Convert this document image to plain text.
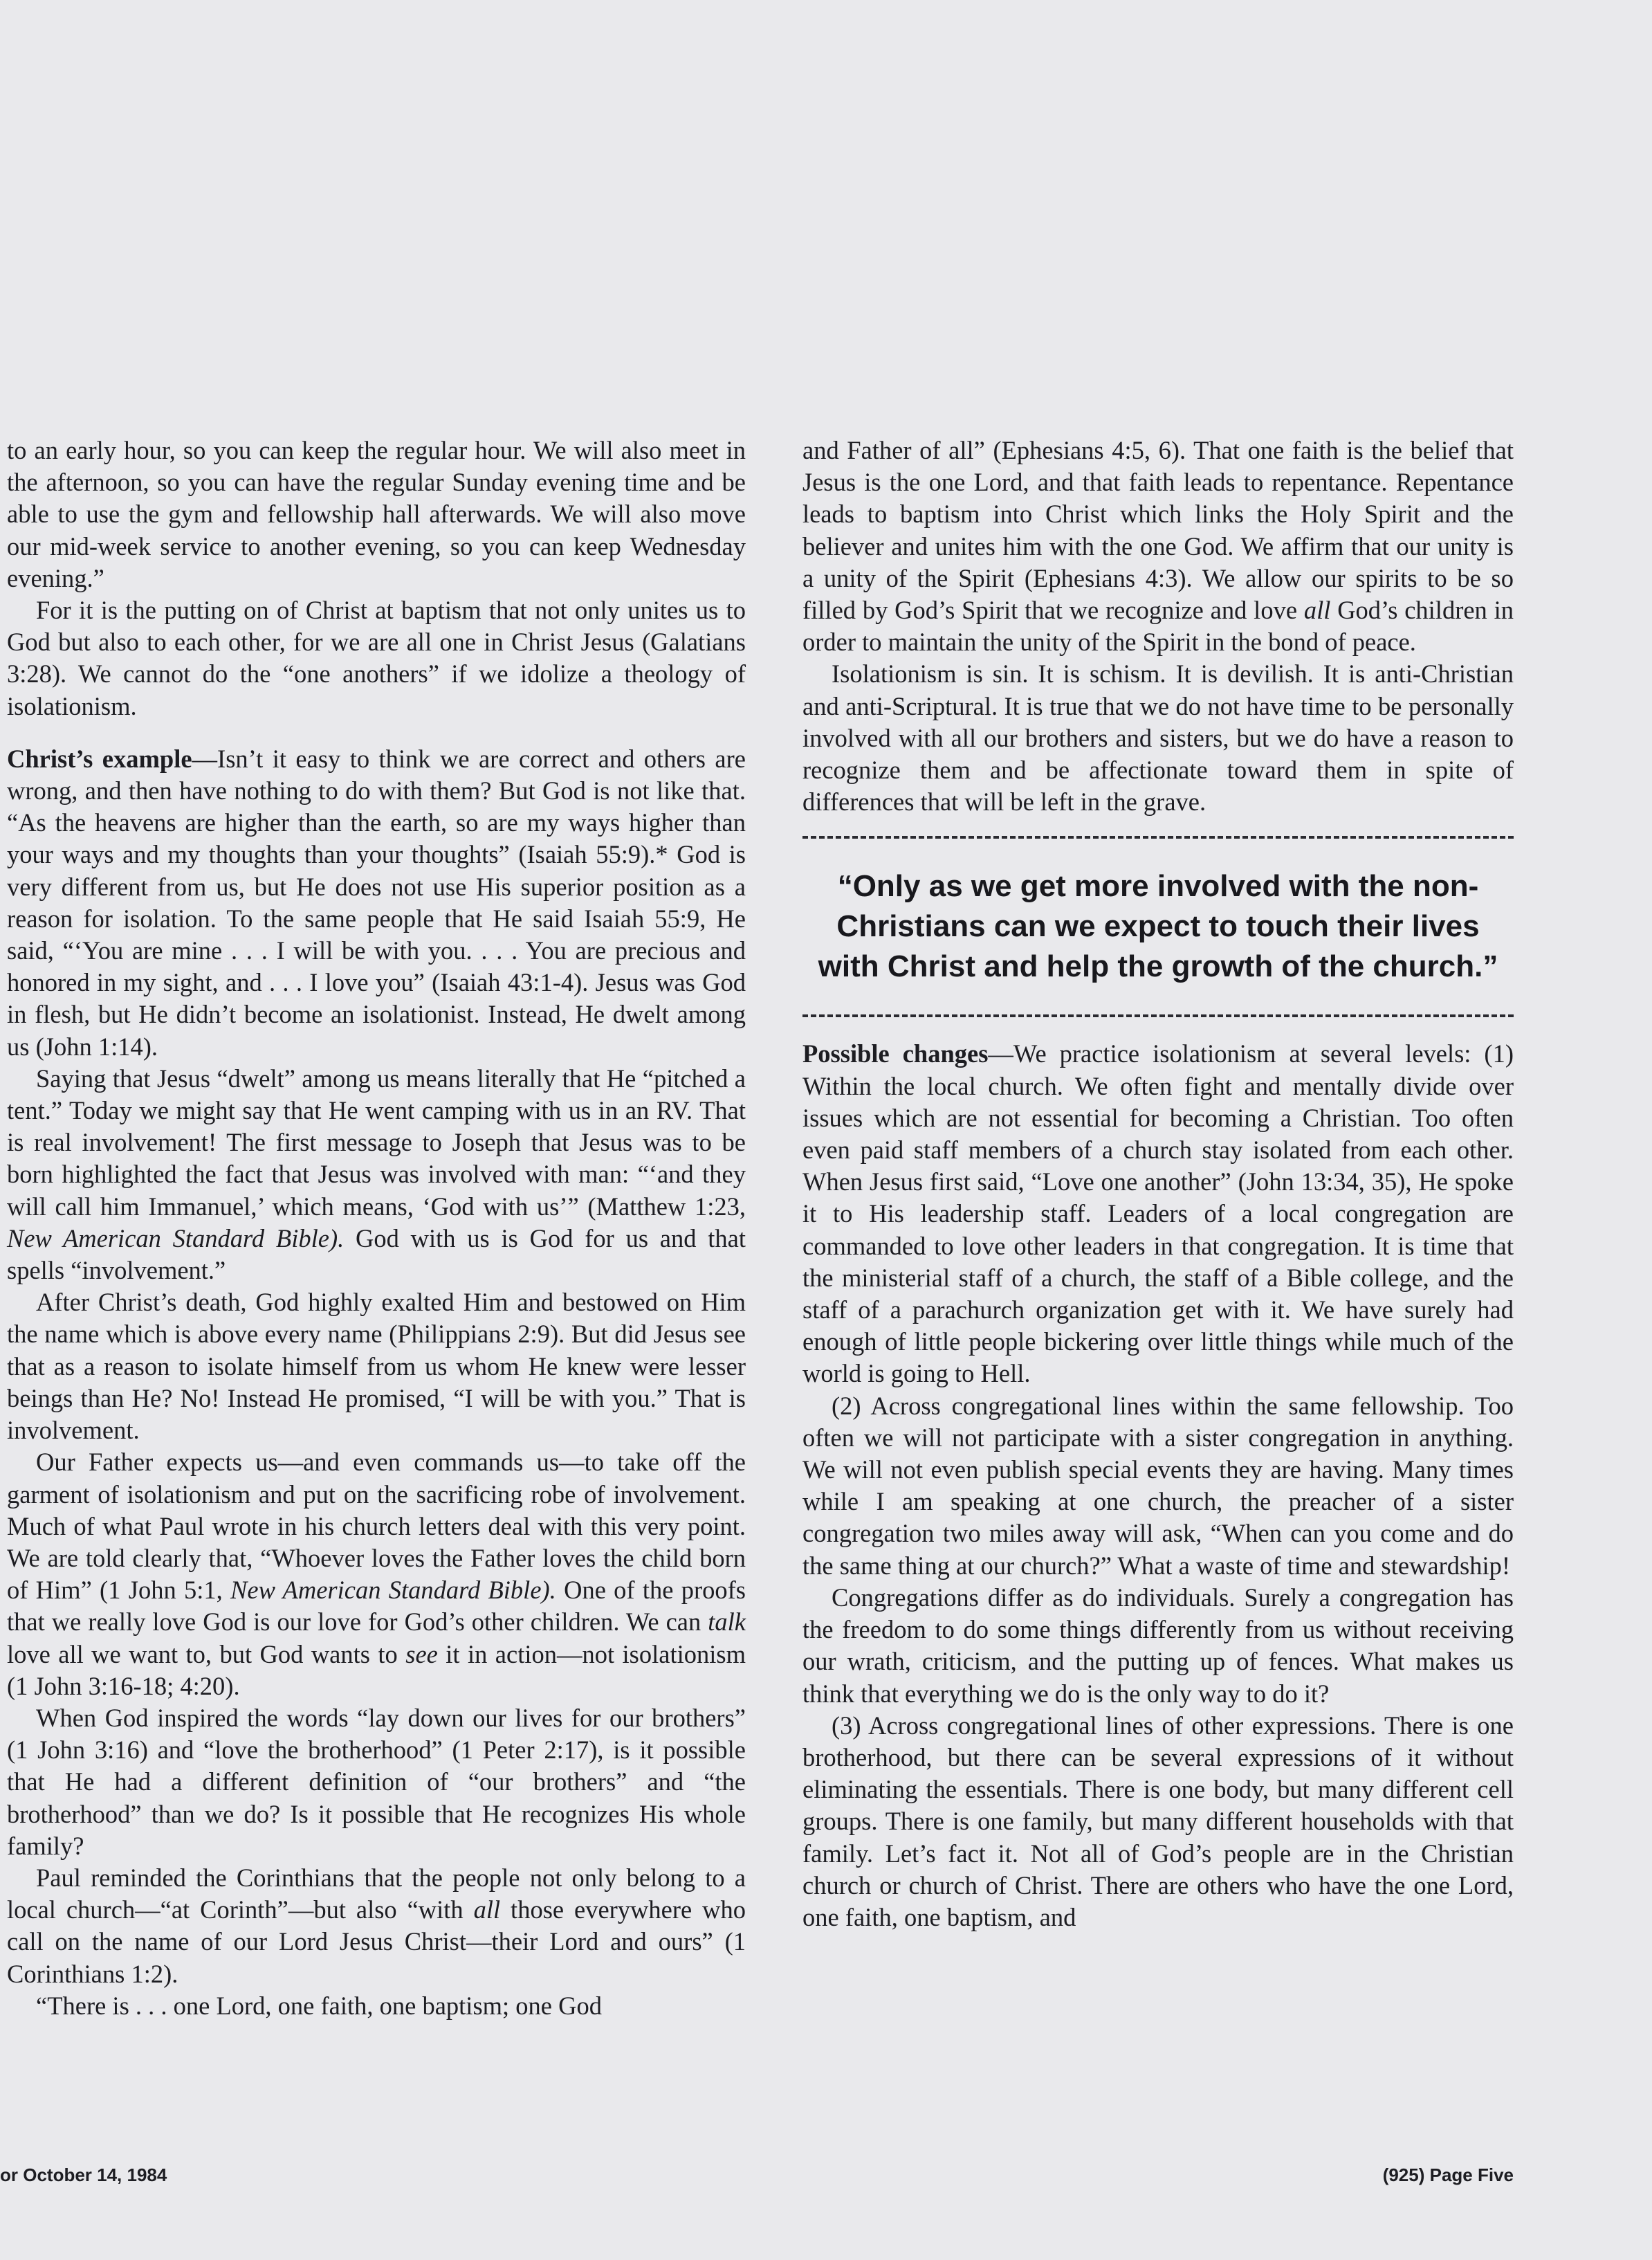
to an early hour, so you can keep the regular hour. We will also meet in the afternoon, so you can have the regular Sunday evening time and be able to use the gym and fellowship hall afterwards. We will also move our mid-week service to another evening, so you can keep Wednesday evening.”

For it is the putting on of Christ at baptism that not only unites us to God but also to each other, for we are all one in Christ Jesus (Galatians 3:28). We cannot do the “one anothers” if we idolize a theology of isolationism.

Christ’s example—Isn’t it easy to think we are correct and others are wrong, and then have nothing to do with them? But God is not like that. “As the heavens are higher than the earth, so are my ways higher than your ways and my thoughts than your thoughts” (Isaiah 55:9).* God is very different from us, but He does not use His superior position as a reason for isolation. To the same people that He said Isaiah 55:9, He said, “‘You are mine . . . I will be with you. . . . You are precious and honored in my sight, and . . . I love you” (Isaiah 43:1-4). Jesus was God in flesh, but He didn’t become an isolationist. Instead, He dwelt among us (John 1:14).

Saying that Jesus “dwelt” among us means literally that He “pitched a tent.” Today we might say that He went camping with us in an RV. That is real involvement! The first message to Joseph that Jesus was to be born highlighted the fact that Jesus was involved with man: “‘and they will call him Immanuel,’ which means, ‘God with us’” (Matthew 1:23, New American Standard Bible). God with us is God for us and that spells “involvement.”

After Christ’s death, God highly exalted Him and bestowed on Him the name which is above every name (Philippians 2:9). But did Jesus see that as a reason to isolate himself from us whom He knew were lesser beings than He? No! Instead He promised, “I will be with you.” That is involvement.

Our Father expects us—and even commands us—to take off the garment of isolationism and put on the sacrificing robe of involvement. Much of what Paul wrote in his church letters deal with this very point. We are told clearly that, “Whoever loves the Father loves the child born of Him” (1 John 5:1, New American Standard Bible). One of the proofs that we really love God is our love for God’s other children. We can talk love all we want to, but God wants to see it in action—not isolationism (1 John 3:16-18; 4:20).

When God inspired the words “lay down our lives for our brothers” (1 John 3:16) and “love the brotherhood” (1 Peter 2:17), is it possible that He had a different definition of “our brothers” and “the brotherhood” than we do? Is it possible that He recognizes His whole family?

Paul reminded the Corinthians that the people not only belong to a local church—“at Corinth”—but also “with all those everywhere who call on the name of our Lord Jesus Christ—their Lord and ours” (1 Corinthians 1:2).

“There is . . . one Lord, one faith, one baptism; one God

and Father of all” (Ephesians 4:5, 6). That one faith is the belief that Jesus is the one Lord, and that faith leads to repentance. Repentance leads to baptism into Christ which links the Holy Spirit and the believer and unites him with the one God. We affirm that our unity is a unity of the Spirit (Ephesians 4:3). We allow our spirits to be so filled by God’s Spirit that we recognize and love all God’s children in order to maintain the unity of the Spirit in the bond of peace.

Isolationism is sin. It is schism. It is devilish. It is anti-Christian and anti-Scriptural. It is true that we do not have time to be personally involved with all our brothers and sisters, but we do have a reason to recognize them and be affectionate toward them in spite of differences that will be left in the grave.

“Only as we get more involved with the non-Christians can we expect to touch their lives with Christ and help the growth of the church.”

Possible changes—We practice isolationism at several levels: (1) Within the local church. We often fight and mentally divide over issues which are not essential for becoming a Christian. Too often even paid staff members of a church stay isolated from each other. When Jesus first said, “Love one another” (John 13:34, 35), He spoke it to His leadership staff. Leaders of a local congregation are commanded to love other leaders in that congregation. It is time that the ministerial staff of a church, the staff of a Bible college, and the staff of a parachurch organization get with it. We have surely had enough of little people bickering over little things while much of the world is going to Hell.

(2) Across congregational lines within the same fellowship. Too often we will not participate with a sister congregation in anything. We will not even publish special events they are having. Many times while I am speaking at one church, the preacher of a sister congregation two miles away will ask, “When can you come and do the same thing at our church?” What a waste of time and stewardship!

Congregations differ as do individuals. Surely a congregation has the freedom to do some things differently from us without receiving our wrath, criticism, and the putting up of fences. What makes us think that everything we do is the only way to do it?

(3) Across congregational lines of other expressions. There is one brotherhood, but there can be several expressions of it without eliminating the essentials. There is one body, but many different cell groups. There is one family, but many different households with that family. Let’s fact it. Not all of God’s people are in the Christian church or church of Christ. There are others who have the one Lord, one faith, one baptism, and

or October 14, 1984	(925) Page Five
